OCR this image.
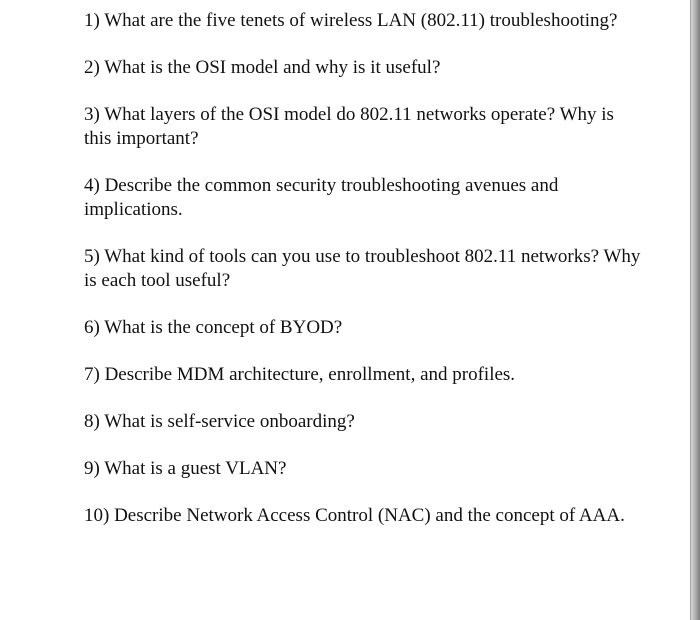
1) What are the five tenets of wireless LAN (802.11) troubleshooting?
2) What is the OSI model and why is it useful?
3) What layers of the OSI model do 802.11 networks operate? Why is this important?
4) Describe the common security troubleshooting avenues and implications.
5) What kind of tools can you use to troubleshoot 802.11 networks? Why is each tool useful?
6) What is the concept of BYOD?
7) Describe MDM architecture, enrollment, and profiles.
8) What is self-service onboarding?
9) What is a guest VLAN?
10) Describe Network Access Control (NAC) and the concept of AAA.
